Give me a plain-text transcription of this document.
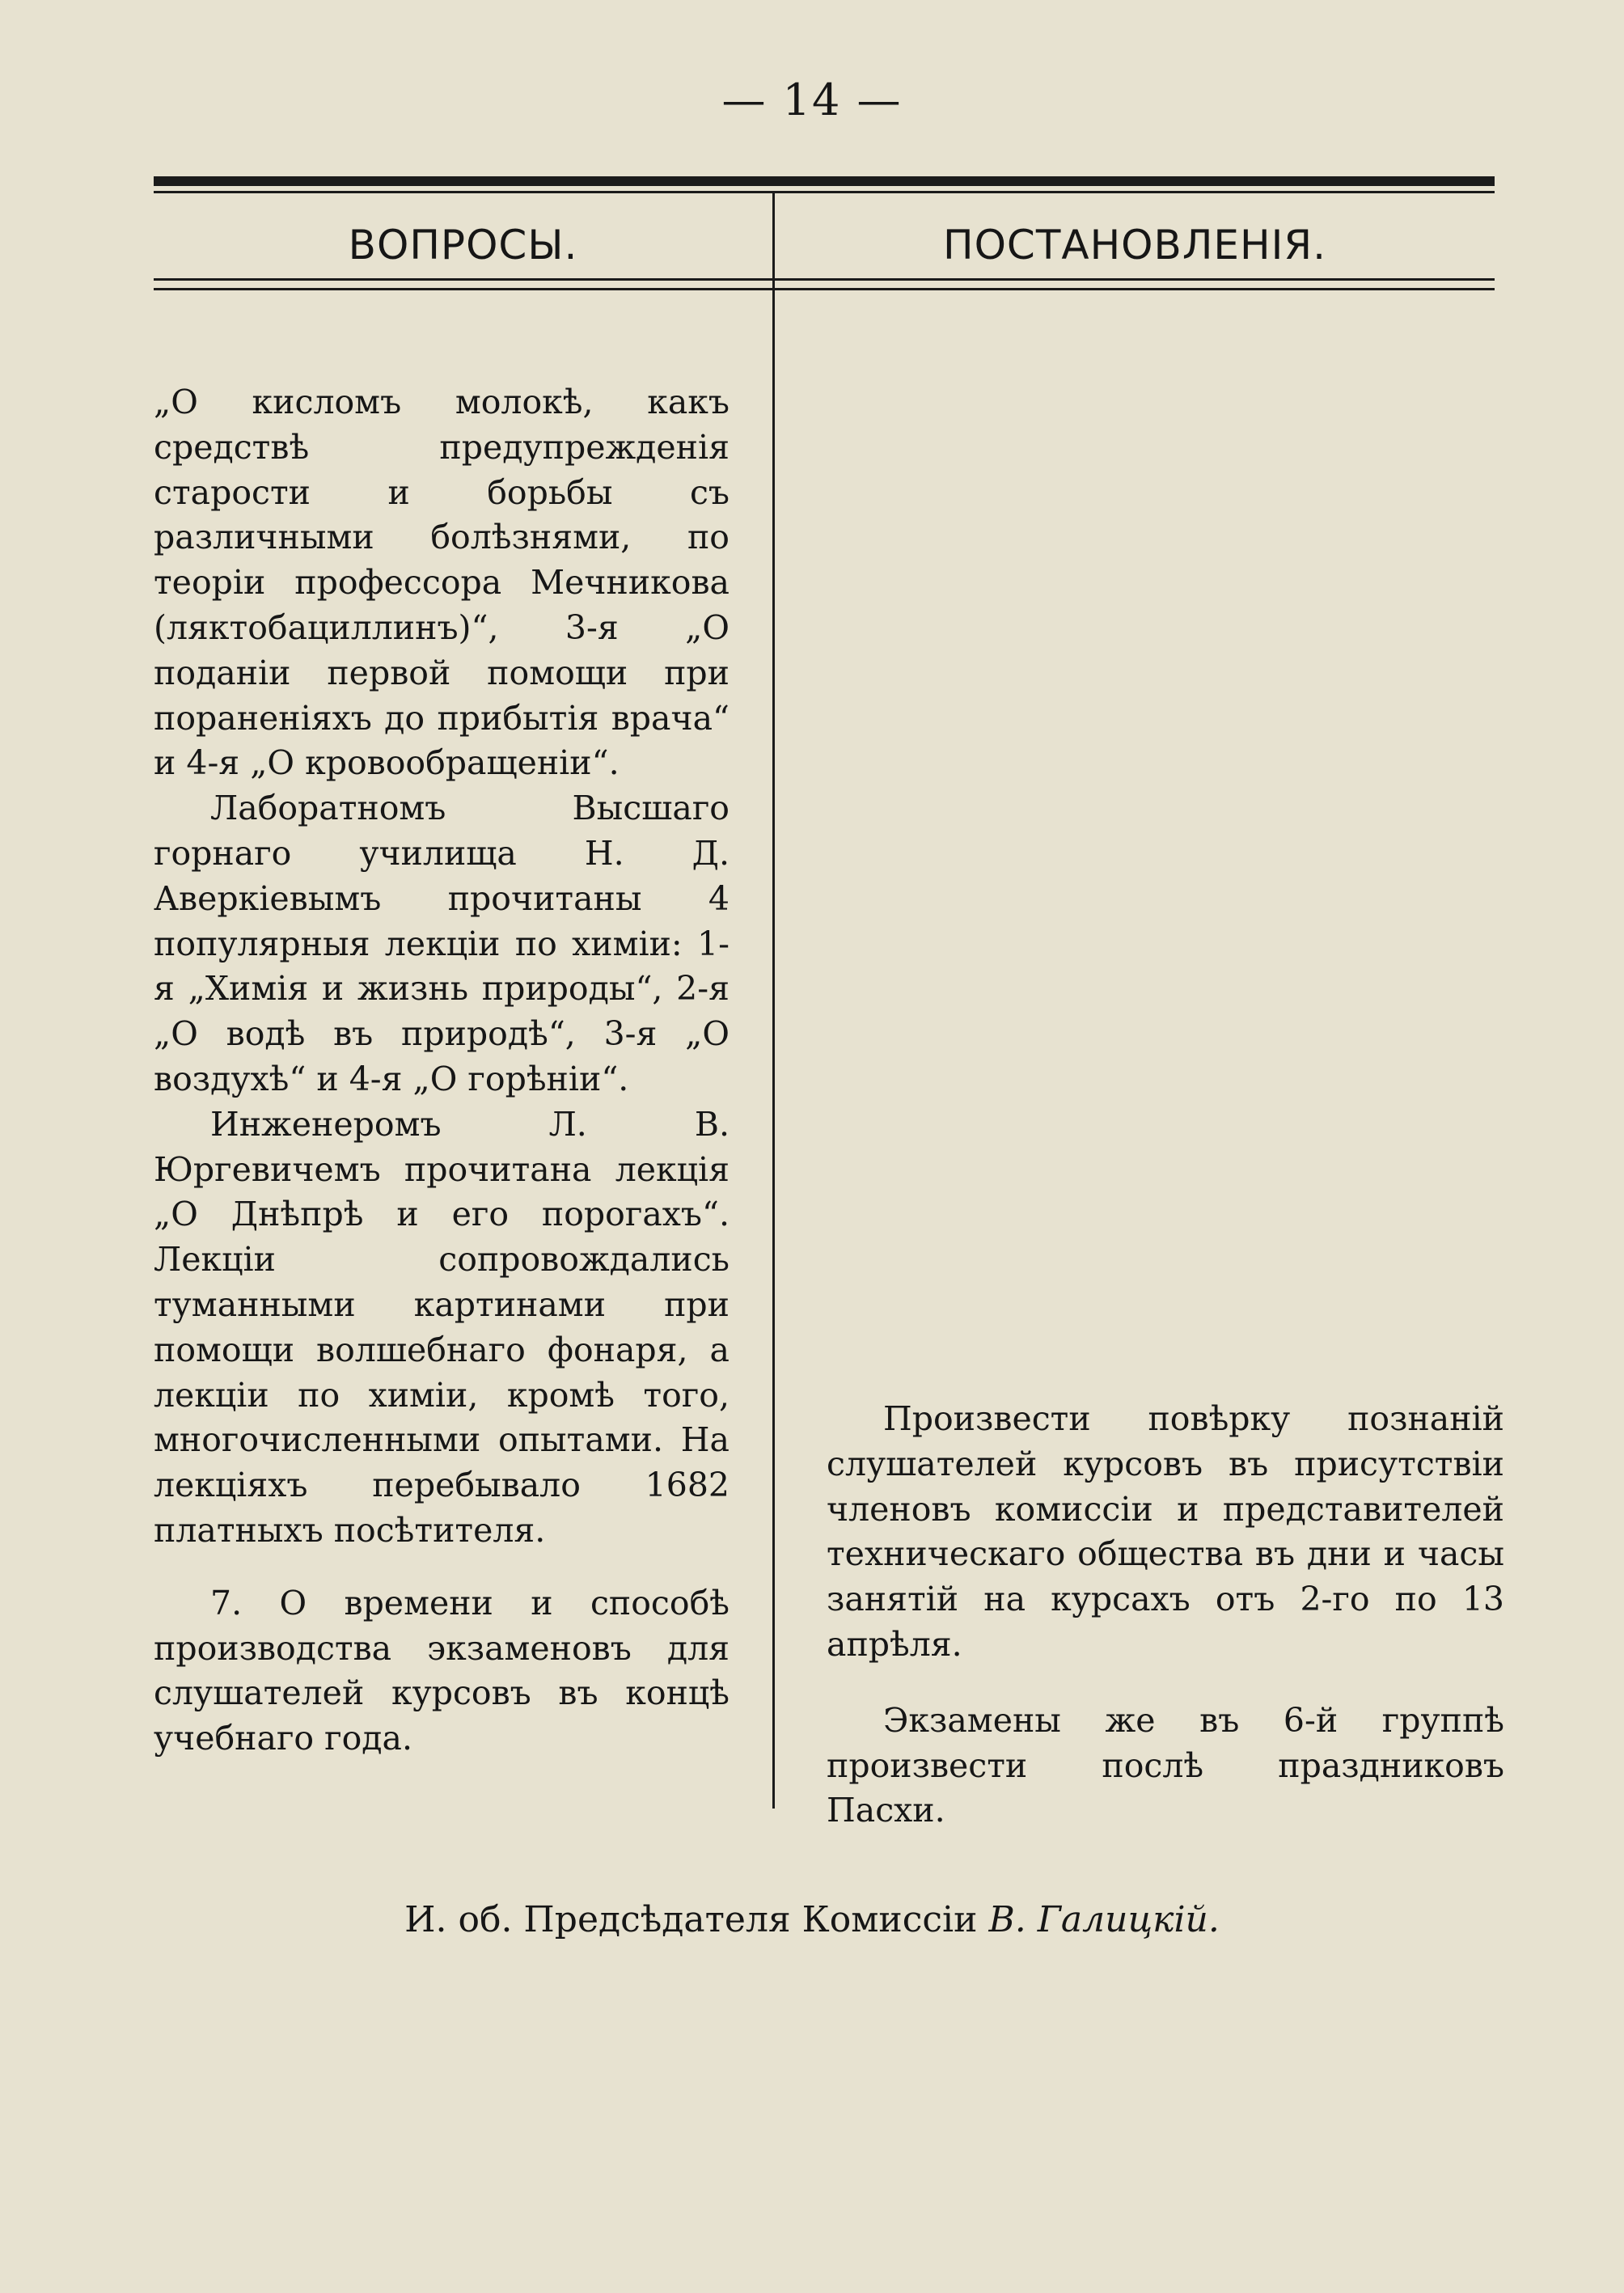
— 14 —
ВОПРОСЫ.	ПОСТАНОВЛЕНІЯ.

„О кисломъ молокѣ, какъ средствѣ предупрежденія старости и борьбы съ различными болѣзнями, по теоріи профессора Мечникова (ляктобациллинъ)“, 3-я „О поданіи первой помощи при пораненіяхъ до прибытія врача“ и 4-я „О кровообращеніи“.

Лаборатномъ Высшаго горнаго училища Н. Д. Аверкіевымъ прочитаны 4 популярныя лекціи по химіи: 1-я „Химія и жизнь природы“, 2-я „О водѣ въ природѣ“, 3-я „О воздухѣ“ и 4-я „О горѣніи“.

Инженеромъ Л. В. Юргевичемъ прочитана лекція „О Днѣпрѣ и его порогахъ“. Лекціи сопровождались туманными картинами при помощи волшебнаго фонаря, а лекціи по химіи, кромѣ того, многочисленными опытами. На лекціяхъ перебывало 1682 платныхъ посѣтителя.

7. О времени и способѣ производства экзаменовъ для слушателей курсовъ въ концѣ учебнаго года.

Произвести повѣрку познаній слушателей курсовъ въ присутствіи членовъ комиссіи и представителей техническаго общества въ дни и часы занятій на курсахъ отъ 2-го по 13 апрѣля.

Экзамены же въ 6-й группѣ произвести послѣ праздниковъ Пасхи.

И. об. Предсѣдателя Комиссіи В. Галицкій.
